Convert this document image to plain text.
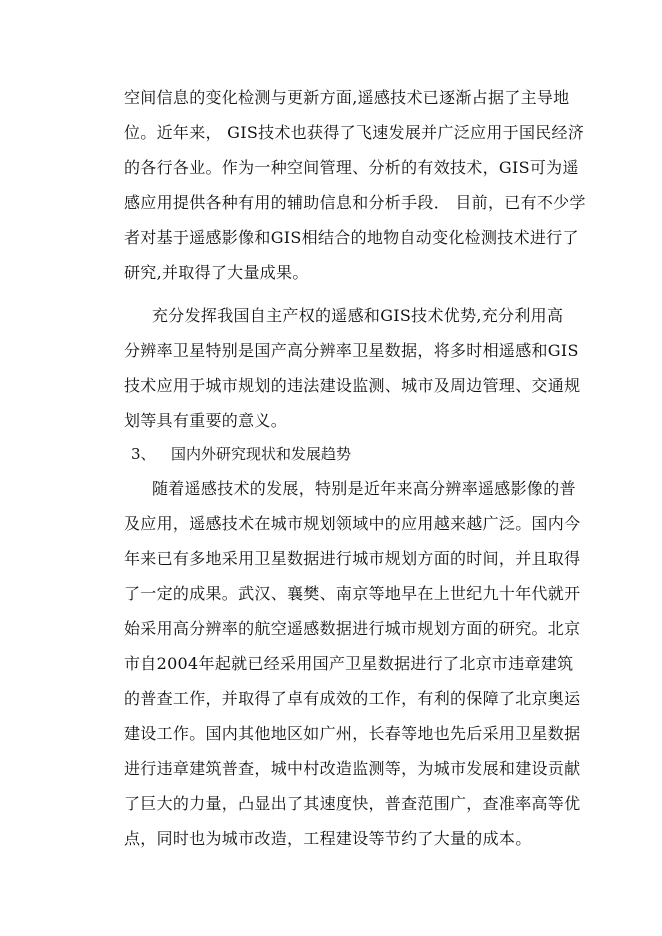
空间信息的变化检测与更新方面,遥感技术已逐渐占据了主导地
位。近年来， GIS技术也获得了飞速发展并广泛应用于国民经济
的各行各业。作为一种空间管理、分析的有效技术，GIS可为遥
感应用提供各种有用的辅助信息和分析手段． 目前，已有不少学
者对基于遥感影像和GIS相结合的地物自动变化检测技术进行了
研究,并取得了大量成果。
充分发挥我国自主产权的遥感和GIS技术优势,充分利用高
分辨率卫星特别是国产高分辨率卫星数据，将多时相遥感和GIS
技术应用于城市规划的违法建设监测、城市及周边管理、交通规
划等具有重要的意义。
3、 国内外研究现状和发展趋势
随着遥感技术的发展，特别是近年来高分辨率遥感影像的普
及应用，遥感技术在城市规划领域中的应用越来越广泛。国内今
年来已有多地采用卫星数据进行城市规划方面的时间，并且取得
了一定的成果。武汉、襄樊、南京等地早在上世纪九十年代就开
始采用高分辨率的航空遥感数据进行城市规划方面的研究。北京
市自2004年起就已经采用国产卫星数据进行了北京市违章建筑
的普查工作，并取得了卓有成效的工作，有利的保障了北京奥运
建设工作。国内其他地区如广州，长春等地也先后采用卫星数据
进行违章建筑普查，城中村改造监测等，为城市发展和建设贡献
了巨大的力量，凸显出了其速度快，普查范围广，查准率高等优
点，同时也为城市改造，工程建设等节约了大量的成本。
